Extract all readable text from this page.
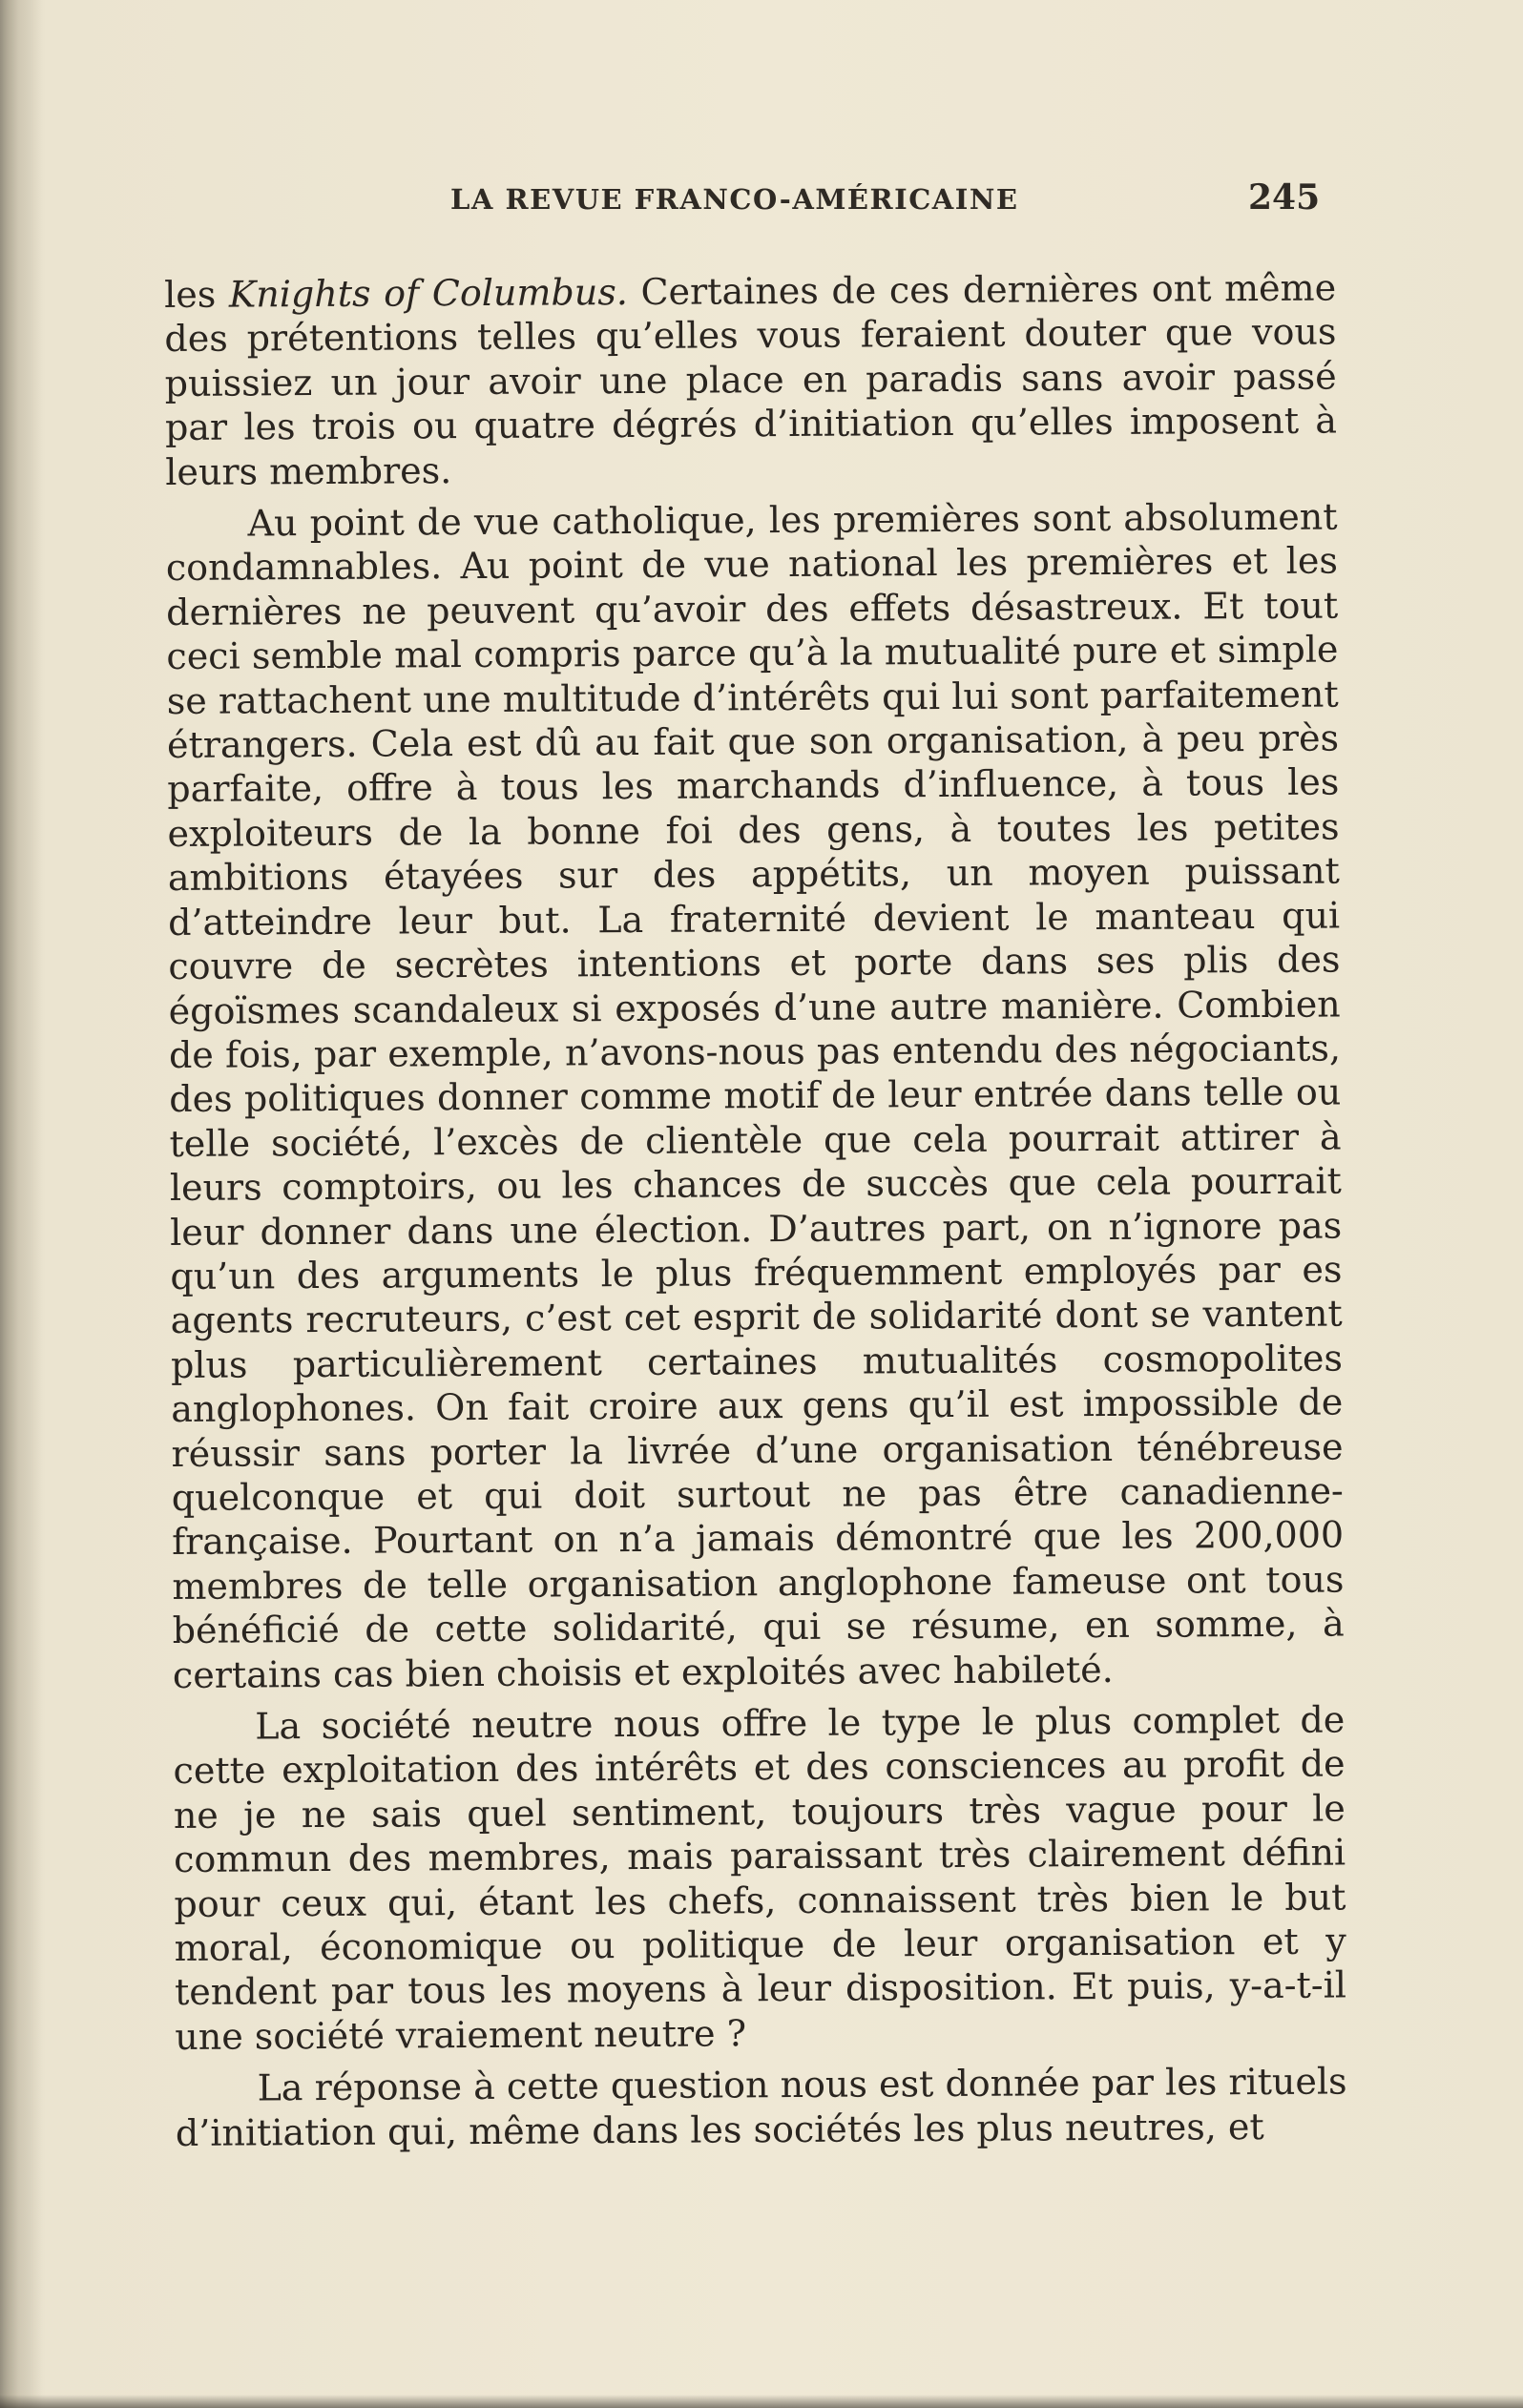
LA REVUE FRANCO-AMÉRICAINE	245

les Knights of Columbus. Certaines de ces dernières ont même des prétentions telles qu’elles vous feraient douter que vous puissiez un jour avoir une place en paradis sans avoir passé par les trois ou quatre dégrés d’initiation qu’elles imposent à leurs membres.

Au point de vue catholique, les premières sont absolument condamnables. Au point de vue national les premières et les dernières ne peuvent qu’avoir des effets désastreux. Et tout ceci semble mal compris parce qu’à la mutualité pure et simple se rattachent une multitude d’intérêts qui lui sont parfaitement étrangers. Cela est dû au fait que son organisation, à peu près parfaite, offre à tous les marchands d’influence, à tous les exploiteurs de la bonne foi des gens, à toutes les petites ambitions étayées sur des appétits, un moyen puissant d’atteindre leur but. La fraternité devient le manteau qui couvre de secrètes intentions et porte dans ses plis des égoïsmes scandaleux si exposés d’une autre manière. Combien de fois, par exemple, n’avons-nous pas entendu des négociants, des politiques donner comme motif de leur entrée dans telle ou telle société, l’excès de clientèle que cela pourrait attirer à leurs comptoirs, ou les chances de succès que cela pourrait leur donner dans une élection. D’autres part, on n’ignore pas qu’un des arguments le plus fréquemment employés par es agents recruteurs, c’est cet esprit de solidarité dont se vantent plus particulièrement certaines mutualités cosmopolites anglophones. On fait croire aux gens qu’il est impossible de réussir sans porter la livrée d’une organisation ténébreuse quelconque et qui doit surtout ne pas être canadienne-française. Pourtant on n’a jamais démontré que les 200,000 membres de telle organisation anglophone fameuse ont tous bénéficié de cette solidarité, qui se résume, en somme, à certains cas bien choisis et exploités avec habileté.

La société neutre nous offre le type le plus complet de cette exploitation des intérêts et des consciences au profit de ne je ne sais quel sentiment, toujours très vague pour le commun des membres, mais paraissant très clairement défini pour ceux qui, étant les chefs, connaissent très bien le but moral, économique ou politique de leur organisation et y tendent par tous les moyens à leur disposition. Et puis, y-a-t-il une société vraiement neutre ?

La réponse à cette question nous est donnée par les rituels d’initiation qui, même dans les sociétés les plus neutres, et
